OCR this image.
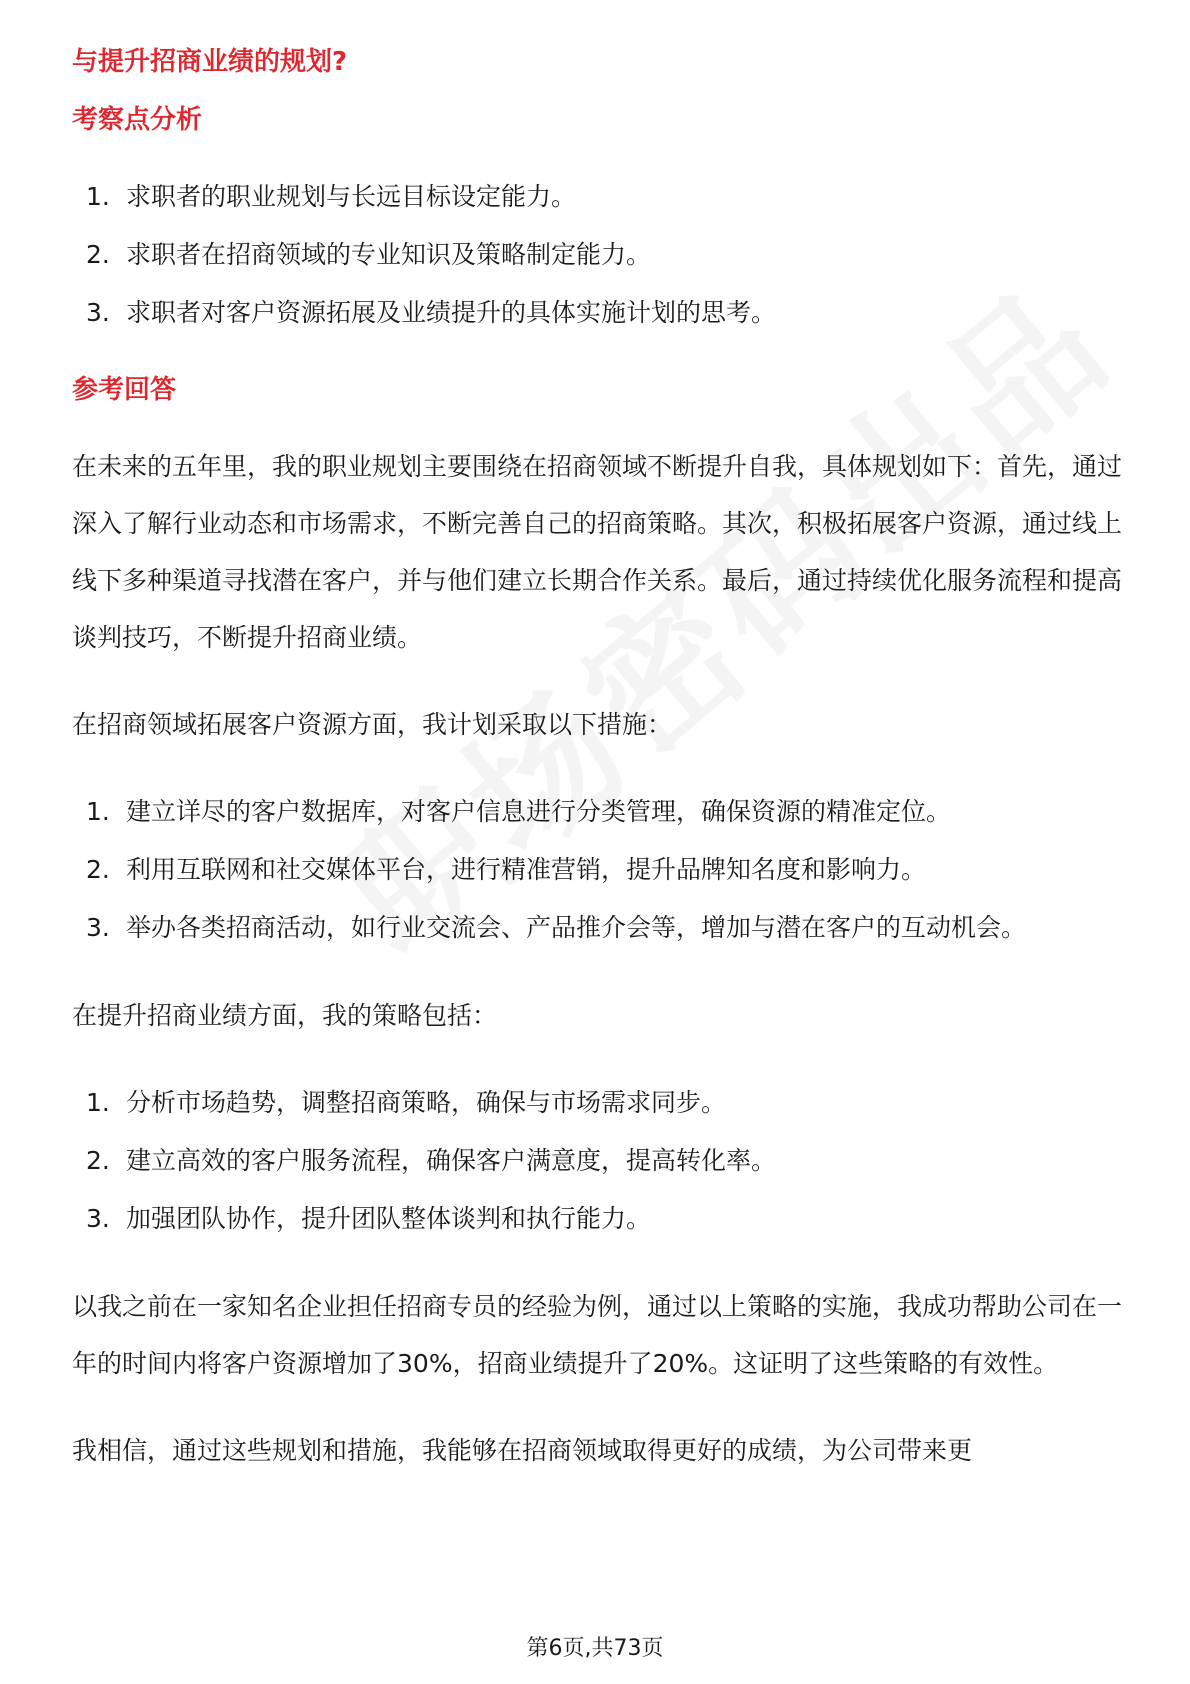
与提升招商业绩的规划?
考察点分析
1. 求职者的职业规划与长远目标设定能力。
2. 求职者在招商领域的专业知识及策略制定能力。
3. 求职者对客户资源拓展及业绩提升的具体实施计划的思考。
参考回答

在未来的五年里，我的职业规划主要围绕在招商领域不断提升自我，具体规划如下：首先，通过深入了解行业动态和市场需求，不断完善自己的招商策略。其次，积极拓展客户资源，通过线上线下多种渠道寻找潜在客户，并与他们建立长期合作关系。最后，通过持续优化服务流程和提高谈判技巧，不断提升招商业绩。

在招商领域拓展客户资源方面，我计划采取以下措施：

1. 建立详尽的客户数据库，对客户信息进行分类管理，确保资源的精准定位。
2. 利用互联网和社交媒体平台，进行精准营销，提升品牌知名度和影响力。
3. 举办各类招商活动，如行业交流会、产品推介会等，增加与潜在客户的互动机会。

在提升招商业绩方面，我的策略包括：

1. 分析市场趋势，调整招商策略，确保与市场需求同步。
2. 建立高效的客户服务流程，确保客户满意度，提高转化率。
3. 加强团队协作，提升团队整体谈判和执行能力。

以我之前在一家知名企业担任招商专员的经验为例，通过以上策略的实施，我成功帮助公司在一年的时间内将客户资源增加了30%，招商业绩提升了20%。这证明了这些策略的有效性。

我相信，通过这些规划和措施，我能够在招商领域取得更好的成绩，为公司带来更

第6页,共73页
